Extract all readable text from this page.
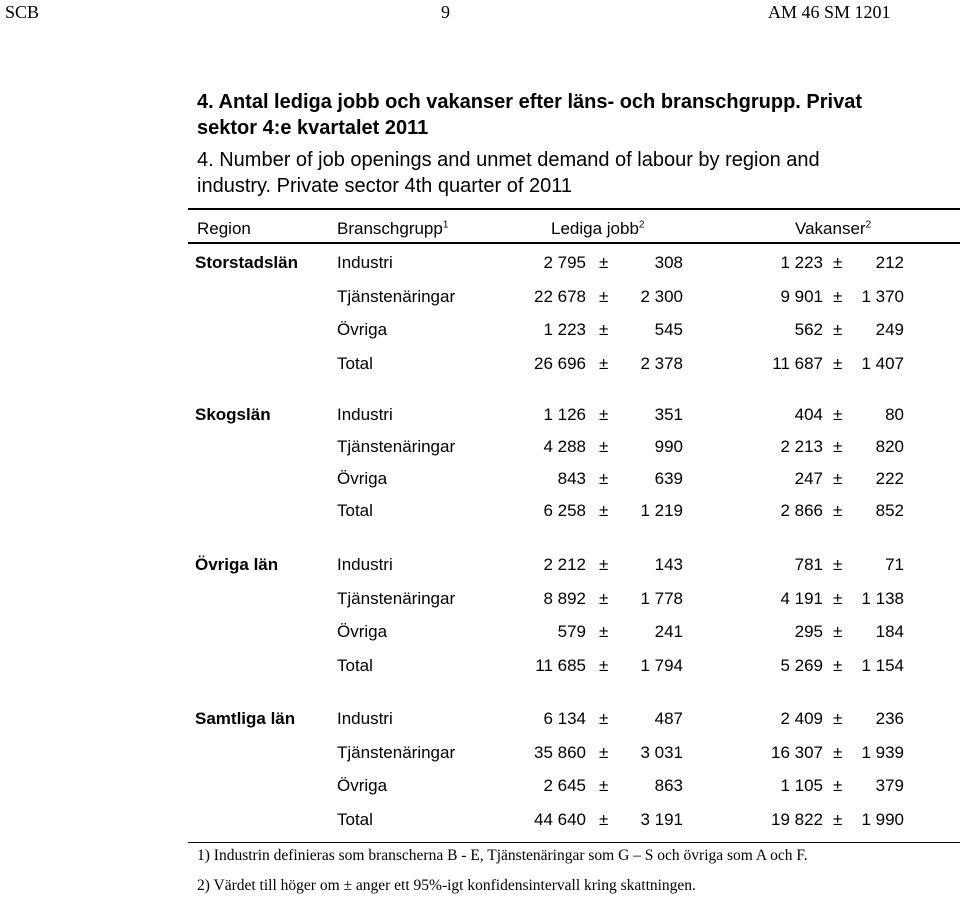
SCB	9	AM 46 SM 1201
4. Antal lediga jobb och vakanser efter läns- och branschgrupp. Privat
sektor 4:e kvartalet 2011
4. Number of job openings and unmet demand of labour by region and
industry. Private sector 4th quarter of 2011
Region	Branschgrupp$^1$	Lediga jobb$^2$	Vakanser$^2$
Storstadslän Industri	2 795 ±	308	1 223 ± 212
Tjänstenäringar	22 678 ± 2 300	9 901 ± 1 370
Övriga	1 223 ±	545	562 ± 249
Total	26 696 ± 2 378	11 687 ± 1 407
Skogslän	Industri	1 126 ±	351	404 ±	80
Tjänstenäringar	4 288 ±	990	2 213 ± 820
Övriga	843 ±	639	247 ± 222
Total	6 258 ± 1 219	2 866 ± 852
Övriga län	Industri	2 212 ±	143	781 ±	71
Tjänstenäringar	8 892 ± 1 778	4 191 ± 1 138
Övriga	579 ±	241	295 ± 184
Total	11 685 ± 1 794	5 269 ± 1 154
Samtliga län Industri	6 134 ±	487	2 409 ± 236
Tjänstenäringar	35 860 ± 3 031	16 307 ± 1 939
Övriga	2 645 ±	863	1 105 ± 379
Total	44 640 ± 3 191	19 822 ± 1 990
1) Industrin definieras som branscherna B - E, Tjänstenäringar som G – S och övriga som A och F.
2) Värdet till höger om ± anger ett 95%-igt konfidensintervall kring skattningen.
